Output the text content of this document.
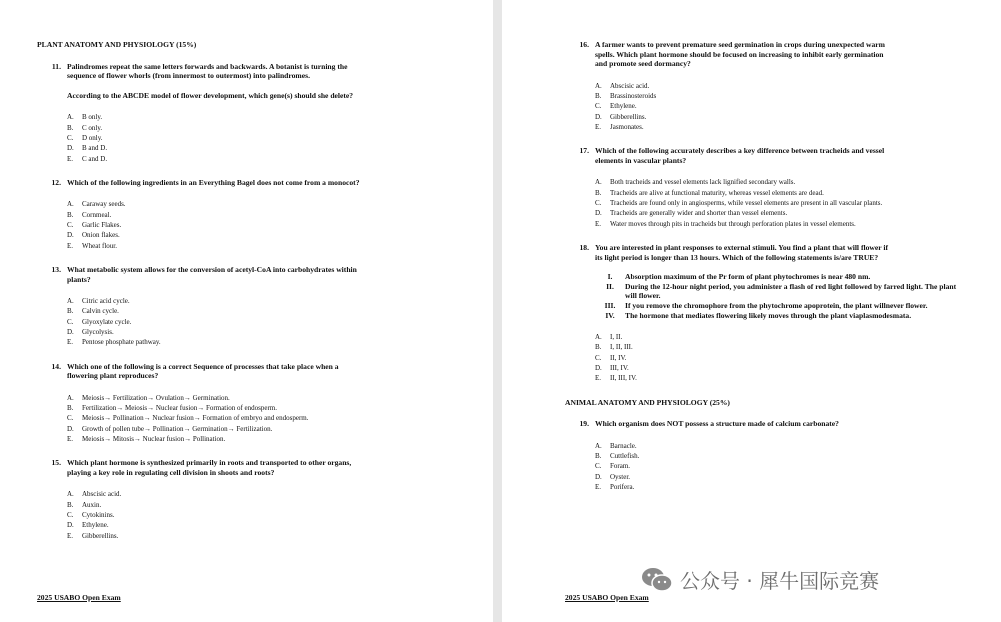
PLANT ANATOMY AND PHYSIOLOGY (15%)
11. Palindromes repeat the same letters forwards and backwards. A botanist is turning the
sequence of flower whorls (from innermost to outermost) into palindromes.
According to the ABCDE model of flower development, which gene(s) should she delete?
A.	B only.
B.	C only.
C.	D only.
D.	B and D.
E.	C and D.
12. Which of the following ingredients in an Everything Bagel does not come from a monocot?
A.	Caraway seeds.
B.	Cornmeal.
C.	Garlic Flakes.
D.	Onion flakes.
E.	Wheat flour.
13. What metabolic system allows for the conversion of acetyl-CoA into carbohydrates within
plants?
A.	Citric acid cycle.
B.	Calvin cycle.
C.	Glyoxylate cycle.
D.	Glycolysis.
E.	Pentose phosphate pathway.
14. Which one of the following is a correct Sequence of processes that take place when a
flowering plant reproduces?
A.	Meiosis→ Fertilization→ Ovulation→ Germination.
B.	Fertilization→ Meiosis→ Nuclear fusion→ Formation of endosperm.
C.	Meiosis→ Pollination→ Nuclear fusion→ Formation of embryo and endosperm.
D.	Growth of pollen tube→ Pollination→ Germination→ Fertilization.
E.	Meiosis→ Mitosis→ Nuclear fusion→ Pollination.
15. Which plant hormone is synthesized primarily in roots and transported to other organs,
playing a key role in regulating cell division in shoots and roots?
A.	Abscisic acid.
B.	Auxin.
C.	Cytokinins.
D.	Ethylene.
E.	Gibberellins.
2025 USABO Open Exam
16. A farmer wants to prevent premature seed germination in crops during unexpected warm
spells. Which plant hormone should be focused on increasing to inhibit early germination
and promote seed dormancy?
A.	Abscisic acid.
B.	Brassinosteroids
C.	Ethylene.
D.	Gibberellins.
E.	Jasmonates.
17. Which of the following accurately describes a key difference between tracheids and vessel
elements in vascular plants?
A.	Both tracheids and vessel elements lack lignified secondary walls.
B.	Tracheids are alive at functional maturity, whereas vessel elements are dead.
C.	Tracheids are found only in angiosperms, while vessel elements are present in all vascular plants.
D.	Tracheids are generally wider and shorter than vessel elements.
E.	Water moves through pits in tracheids but through perforation plates in vessel elements.
18. You are interested in plant responses to external stimuli. You find a plant that will flower if
its light period is longer than 13 hours. Which of the following statements is/are TRUE?
I.	Absorption maximum of the Pr form of plant phytochromes is near 480 nm.
II.	During the 12-hour night period, you administer a flash of red light followed by farred light. The plant will flower.
III.	If you remove the chromophore from the phytochrome apoprotein, the plant willnever flower.
IV.	The hormone that mediates flowering likely moves through the plant viaplasmodesmata.
A.	I, II.
B.	I, II, III.
C.	II, IV.
D.	III, IV.
E.	II, III, IV.
ANIMAL ANATOMY AND PHYSIOLOGY (25%)
19. Which organism does NOT possess a structure made of calcium carbonate?
A.	Barnacle.
B.	Cuttlefish.
C.	Foram.
D.	Oyster.
E.	Porifera.
2025 USABO Open Exam
公众号 · 犀牛国际竞赛
